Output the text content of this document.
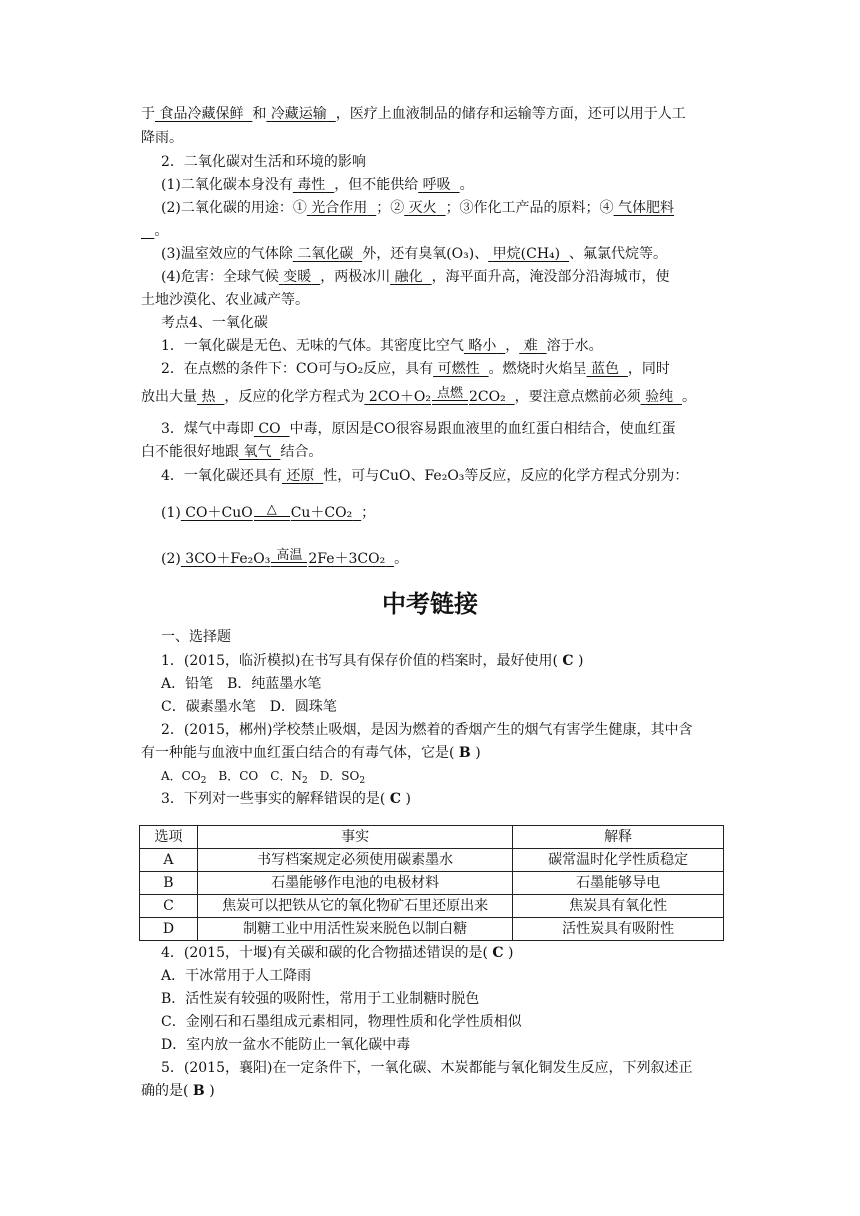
于 食品冷藏保鲜 和 冷藏运输 ，医疗上血液制品的储存和运输等方面，还可以用于人工
降雨。
2．二氧化碳对生活和环境的影响
(1)二氧化碳本身没有 毒性 ，但不能供给 呼吸 。
(2)二氧化碳的用途：① 光合作用 ；② 灭火 ；③作化工产品的原料；④ 气体肥料
。
(3)温室效应的气体除 二氧化碳 外，还有臭氧(O₃)、 甲烷(CH₄) 、氟氯代烷等。
(4)危害：全球气候 变暖 ，两极冰川 融化 ，海平面升高，淹没部分沿海城市，使
土地沙漠化、农业减产等。
考点4、一氧化碳
1．一氧化碳是无色、无味的气体。其密度比空气 略小 ， 难 溶于水。
2．在点燃的条件下：CO可与O₂反应，具有 可燃性 。燃烧时火焰呈 蓝色 ，同时
放出大量 热 ，反应的化学方程式为 2CO＋O₂ 点燃 2CO₂ ，要注意点燃前必须 验纯 。
3．煤气中毒即 CO 中毒，原因是CO很容易跟血液里的血红蛋白相结合，使血红蛋
白不能很好地跟 氧气 结合。
4．一氧化碳还具有 还原 性，可与CuO、Fe₂O₃等反应，反应的化学方程式分别为：
(1) CO＋CuO △ Cu＋CO₂ ；
(2) 3CO＋Fe₂O₃ 高温 2Fe＋3CO₂ 。
中考链接
一、选择题
1．(2015，临沂模拟)在书写具有保存价值的档案时，最好使用( C )
A．铅笔　B．纯蓝墨水笔
C．碳素墨水笔　D．圆珠笔
2．(2015，郴州)学校禁止吸烟，是因为燃着的香烟产生的烟气有害学生健康，其中含
有一种能与血液中血红蛋白结合的有毒气体，它是( B )
A．$CO_2$　B．CO　C．$N_2$　D．$SO_2$
3．下列对一些事实的解释错误的是( C )
选项	事实	解释
A	书写档案规定必须使用碳素墨水	碳常温时化学性质稳定
B	石墨能够作电池的电极材料	石墨能够导电
C	焦炭可以把铁从它的氧化物矿石里还原出来	焦炭具有氧化性
D	制糖工业中用活性炭来脱色以制白糖	活性炭具有吸附性
4．(2015，十堰)有关碳和碳的化合物描述错误的是( C )
A．干冰常用于人工降雨
B．活性炭有较强的吸附性，常用于工业制糖时脱色
C．金刚石和石墨组成元素相同，物理性质和化学性质相似
D．室内放一盆水不能防止一氧化碳中毒
5．(2015，襄阳)在一定条件下，一氧化碳、木炭都能与氧化铜发生反应，下列叙述正
确的是( B )
